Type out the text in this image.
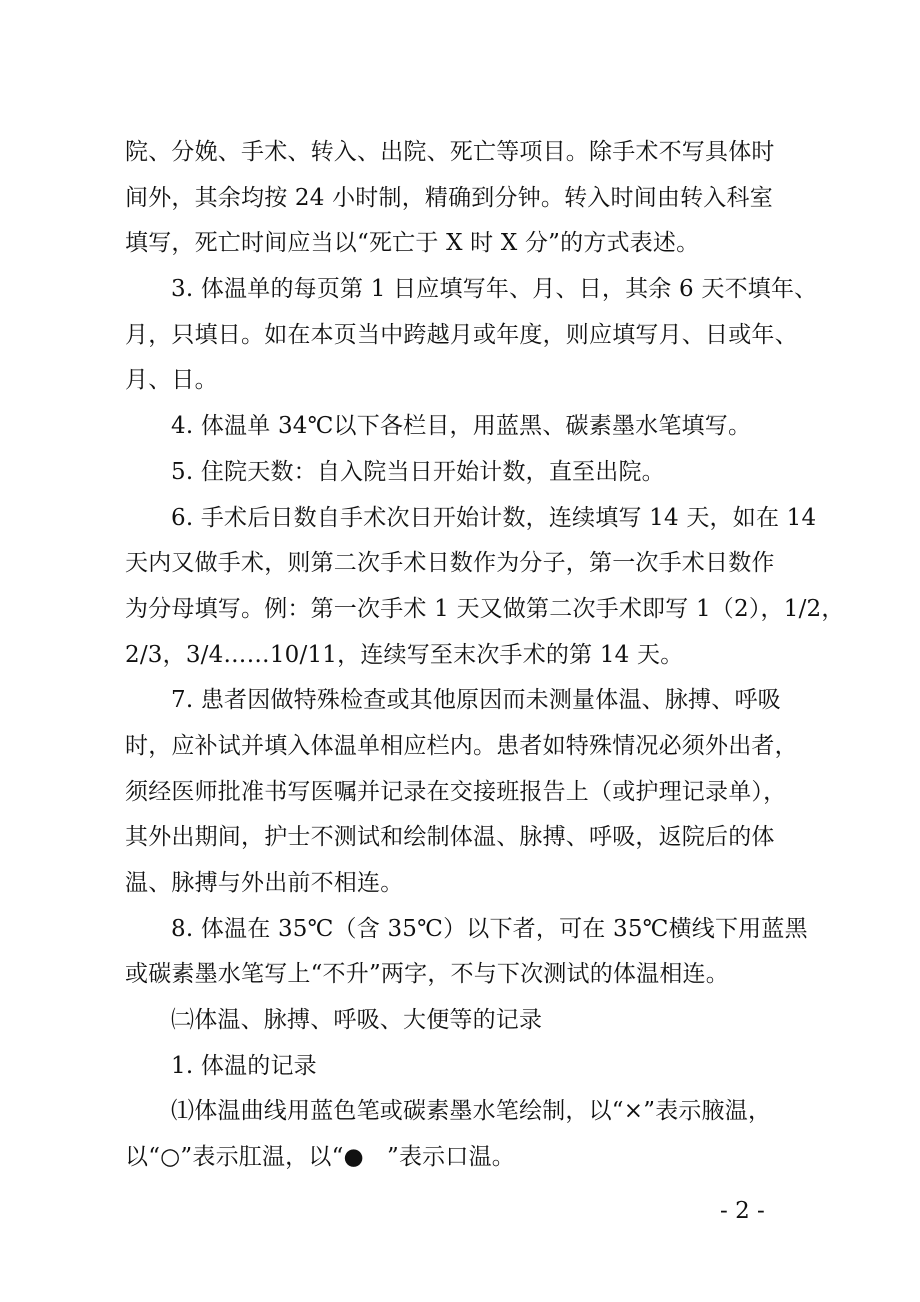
院、分娩、手术、转入、出院、死亡等项目。除手术不写具体时
间外，其余均按 24 小时制，精确到分钟。转入时间由转入科室
填写，死亡时间应当以“死亡于 X 时 X 分”的方式表述。
3. 体温单的每页第 1 日应填写年、月、日，其余 6 天不填年、
月，只填日。如在本页当中跨越月或年度，则应填写月、日或年、
月、日。
4. 体温单 34℃以下各栏目，用蓝黑、碳素墨水笔填写。
5. 住院天数：自入院当日开始计数，直至出院。
6. 手术后日数自手术次日开始计数，连续填写 14 天，如在 14
天内又做手术，则第二次手术日数作为分子，第一次手术日数作
为分母填写。例：第一次手术 1 天又做第二次手术即写 1（2），1/2，
2/3，3/4……10/11，连续写至末次手术的第 14 天。
7. 患者因做特殊检查或其他原因而未测量体温、脉搏、呼吸
时，应补试并填入体温单相应栏内。患者如特殊情况必须外出者，
须经医师批准书写医嘱并记录在交接班报告上（或护理记录单），
其外出期间，护士不测试和绘制体温、脉搏、呼吸，返院后的体
温、脉搏与外出前不相连。
8. 体温在 35℃（含 35℃）以下者，可在 35℃横线下用蓝黑
或碳素墨水笔写上“不升”两字，不与下次测试的体温相连。
㈡体温、脉搏、呼吸、大便等的记录
1. 体温的记录
⑴体温曲线用蓝色笔或碳素墨水笔绘制，以“×”表示腋温，
以“○”表示肛温，以“●　”表示口温。
- 2 -
